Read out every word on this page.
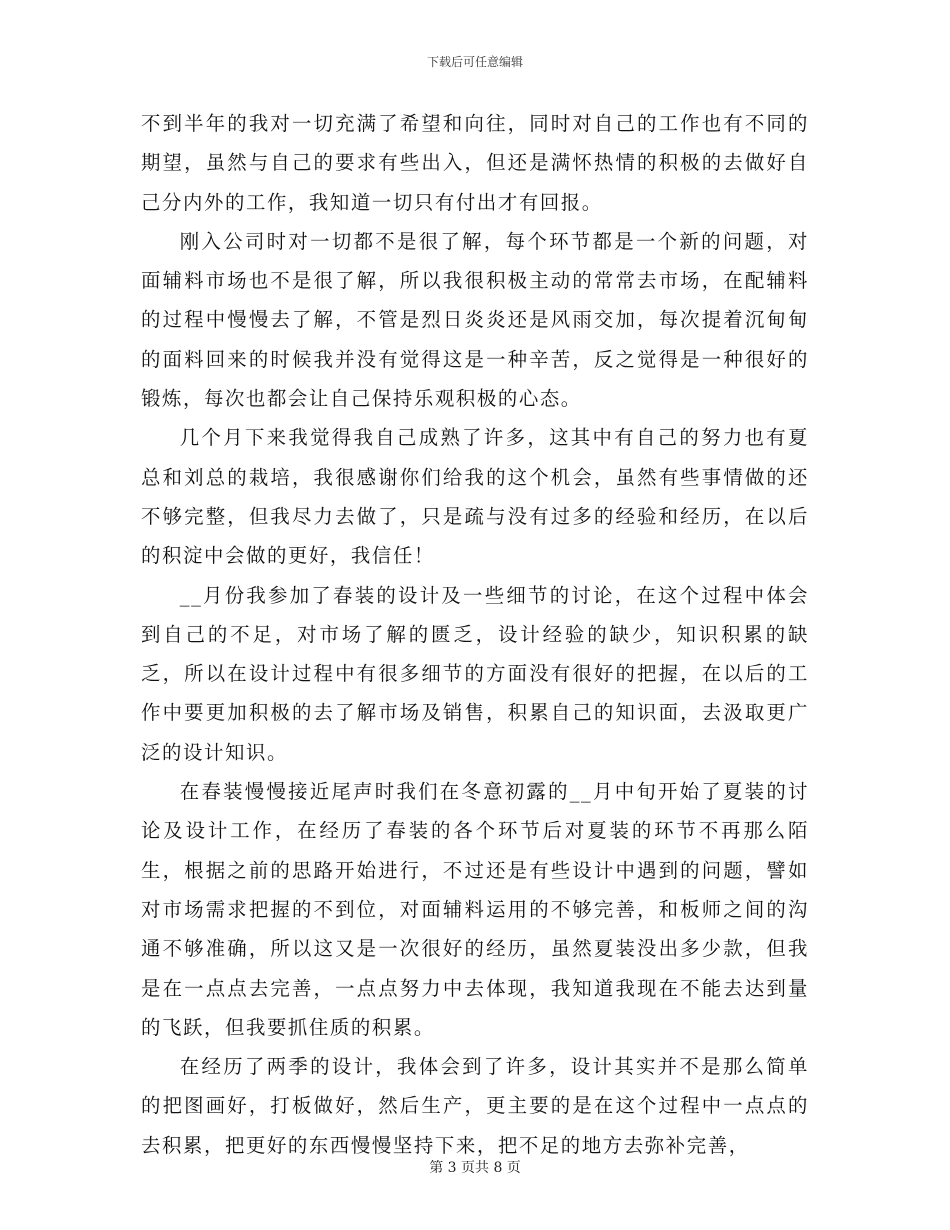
下载后可任意编辑

不到半年的我对一切充满了希望和向往，同时对自己的工作也有不同的期望，虽然与自己的要求有些出入，但还是满怀热情的积极的去做好自己分内外的工作，我知道一切只有付出才有回报。

刚入公司时对一切都不是很了解，每个环节都是一个新的问题，对面辅料市场也不是很了解，所以我很积极主动的常常去市场，在配辅料的过程中慢慢去了解，不管是烈日炎炎还是风雨交加，每次提着沉甸甸的面料回来的时候我并没有觉得这是一种辛苦，反之觉得是一种很好的锻炼，每次也都会让自己保持乐观积极的心态。

几个月下来我觉得我自己成熟了许多，这其中有自己的努力也有夏总和刘总的栽培，我很感谢你们给我的这个机会，虽然有些事情做的还不够完整，但我尽力去做了，只是疏与没有过多的经验和经历，在以后的积淀中会做的更好，我信任！

__月份我参加了春装的设计及一些细节的讨论，在这个过程中体会到自己的不足，对市场了解的匮乏，设计经验的缺少，知识积累的缺乏，所以在设计过程中有很多细节的方面没有很好的把握，在以后的工作中要更加积极的去了解市场及销售，积累自己的知识面，去汲取更广泛的设计知识。

在春装慢慢接近尾声时我们在冬意初露的__月中旬开始了夏装的讨论及设计工作，在经历了春装的各个环节后对夏装的环节不再那么陌生，根据之前的思路开始进行，不过还是有些设计中遇到的问题，譬如对市场需求把握的不到位，对面辅料运用的不够完善，和板师之间的沟通不够准确，所以这又是一次很好的经历，虽然夏装没出多少款，但我是在一点点去完善，一点点努力中去体现，我知道我现在不能去达到量的飞跃，但我要抓住质的积累。

在经历了两季的设计，我体会到了许多，设计其实并不是那么简单的把图画好，打板做好，然后生产，更主要的是在这个过程中一点点的去积累，把更好的东西慢慢坚持下来，把不足的地方去弥补完善，

第 3 页共 8 页
